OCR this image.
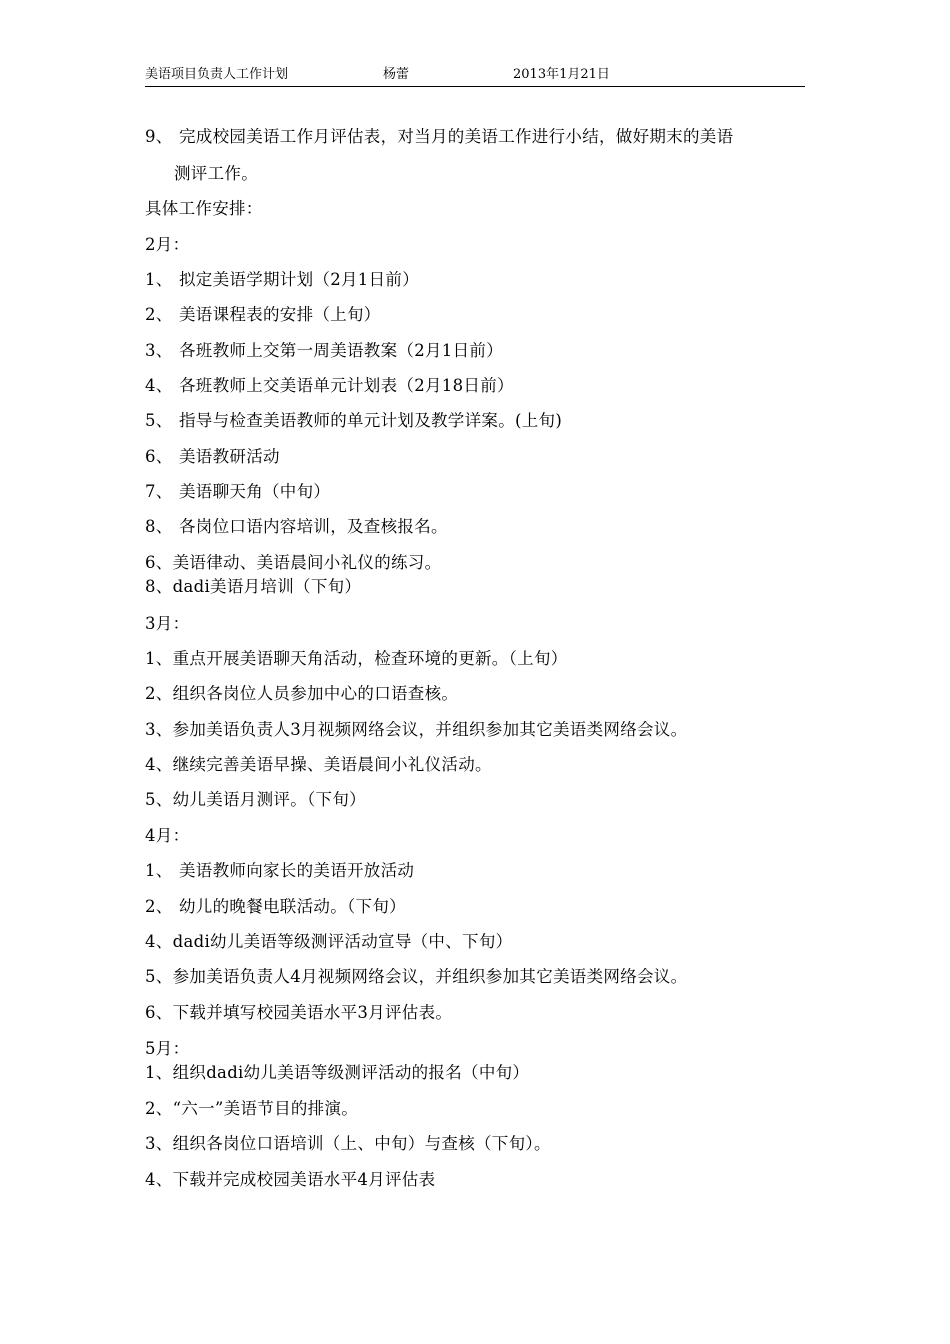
美语项目负责人工作计划	杨蕾	2013年1月21日
9、 完成校园美语工作月评估表，对当月的美语工作进行小结，做好期末的美语
测评工作。
具体工作安排：
2月：
1、 拟定美语学期计划（2月1日前）
2、 美语课程表的安排（上旬）
3、 各班教师上交第一周美语教案（2月1日前）
4、 各班教师上交美语单元计划表（2月18日前）
5、 指导与检查美语教师的单元计划及教学详案。(上旬)
6、 美语教研活动
7、 美语聊天角（中旬）
8、 各岗位口语内容培训，及查核报名。
6、美语律动、美语晨间小礼仪的练习。
8、dadi美语月培训（下旬）
3月：
1、重点开展美语聊天角活动，检查环境的更新。（上旬）
2、组织各岗位人员参加中心的口语查核。
3、参加美语负责人3月视频网络会议，并组织参加其它美语类网络会议。
4、继续完善美语早操、美语晨间小礼仪活动。
5、幼儿美语月测评。（下旬）
4月：
1、 美语教师向家长的美语开放活动
2、 幼儿的晚餐电联活动。（下旬）
4、dadi幼儿美语等级测评活动宣导（中、下旬）
5、参加美语负责人4月视频网络会议，并组织参加其它美语类网络会议。
6、下载并填写校园美语水平3月评估表。
5月：
1、组织dadi幼儿美语等级测评活动的报名（中旬）
2、“六一”美语节目的排演。
3、组织各岗位口语培训（上、中旬）与查核（下旬）。
4、下载并完成校园美语水平4月评估表
